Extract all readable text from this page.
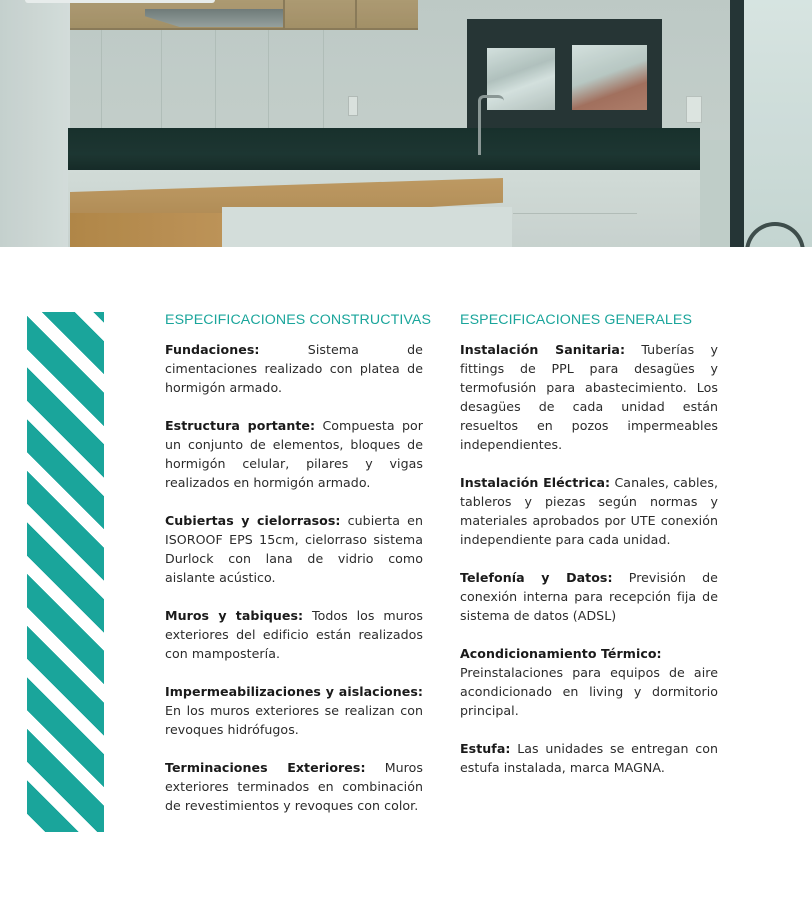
ESPECIFICACIONES CONSTRUCTIVAS

Fundaciones:	Sistema de cimentaciones realizado con platea de hormigón armado.

Estructura portante: Compuesta por un conjunto de elementos, bloques de hormigón celular, pilares y vigas realizados en hormigón armado.

Cubiertas y cielorrasos: cubierta en ISOROOF EPS 15cm, cielorraso sistema Durlock con lana de vidrio como aislante acústico.

Muros y tabiques: Todos los muros exteriores del edificio están realizados con mampostería.

Impermeabilizaciones y aislaciones: En los muros exteriores se realizan con revoques hidrófugos.

Terminaciones Exteriores: Muros exteriores terminados en combinación de revestimientos y revoques con color.

ESPECIFICACIONES GENERALES

Instalación Sanitaria: Tuberías y fittings de PPL para desagües y termofusión para abastecimiento. Los desagües de cada unidad están resueltos en pozos impermeables independientes.

Instalación Eléctrica: Canales, cables, tableros y piezas según normas y materiales aprobados por UTE conexión independiente para cada unidad.

Telefonía y Datos: Previsión de conexión interna para recepción fija de sistema de datos (ADSL)

Acondicionamiento Térmico:
Preinstalaciones para equipos de aire acondicionado en living y dormitorio principal.

Estufa: Las unidades se entregan con estufa instalada, marca MAGNA.
